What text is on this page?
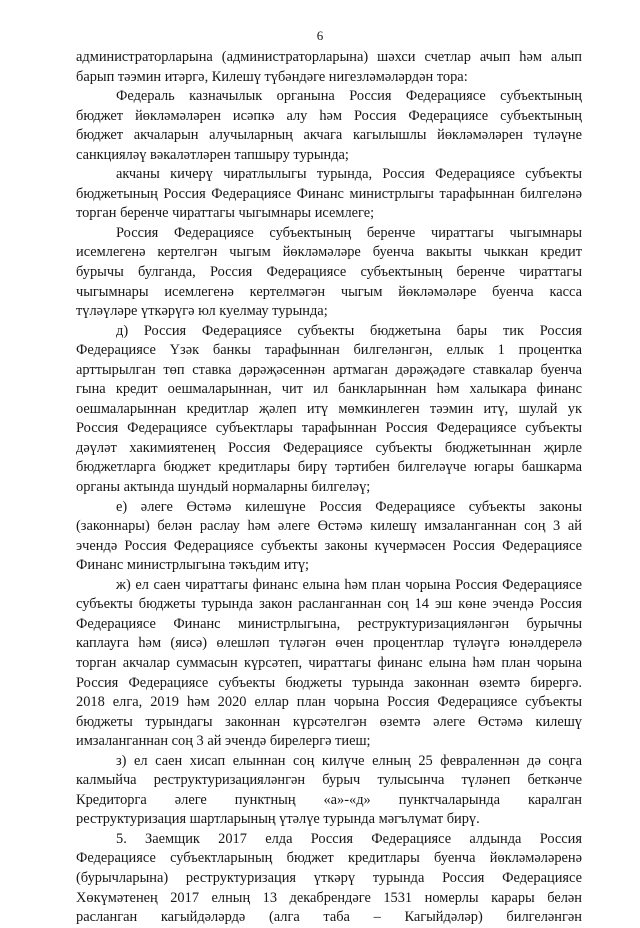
6
администраторларына (администраторларына) шәхси счетлар ачып һәм алып
барып тәэмин итәргә, Килешү түбәндәге нигезләмәләрдән тора:
Федераль казначылык органына Россия Федерациясе субъектының
бюджет йөкләмәләрен исәпкә алу һәм Россия Федерациясе субъектының
бюджет акчаларын алучыларның акчага кагылышлы йөкләмәләрен түләүне
санкцияләү вәкаләтләрен тапшыру турында;
акчаны кичерү чиратлылыгы турында, Россия Федерациясе субъекты
бюджетының Россия Федерациясе Финанс министрлыгы тарафыннан билгеләнә
торган беренче чираттагы чыгымнары исемлеге;
Россия Федерациясе субъектының беренче чираттагы чыгымнары
исемлегенә кертелгән чыгым йөкләмәләре буенча вакыты чыккан кредит
бурычы булганда, Россия Федерациясе субъектының беренче чираттагы
чыгымнары исемлегенә кертелмәгән чыгым йөкләмәләре буенча касса
түләүләре үткәрүгә юл куелмау турында;
д) Россия Федерациясе субъекты бюджетына бары тик Россия
Федерациясе Үзәк банкы тарафыннан билгеләнгән, еллык 1 процентка
арттырылган төп ставка дәрәҗәсеннән артмаган дәрәҗәдәге ставкалар буенча
гына кредит оешмаларыннан, чит ил банкларыннан һәм халыкара финанс
оешмаларыннан кредитлар җәлеп итү мөмкинлеген тәэмин итү, шулай ук
Россия Федерациясе субъектлары тарафыннан Россия Федерациясе субъекты
дәүләт хакимиятенең Россия Федерациясе субъекты бюджетыннан җирле
бюджетларга бюджет кредитлары бирү тәртибен билгеләүче югары башкарма
органы актында шундый нормаларны билгеләү;
е) әлеге Өстәмә килешүне Россия Федерациясе субъекты законы
(законнары) белән раслау һәм әлеге Өстәмә килешү имзаланганнан соң 3 ай
эчендә Россия Федерациясе субъекты законы күчермәсен Россия Федерациясе
Финанс министрлыгына тәкъдим итү;
ж) ел саен чираттагы финанс елына һәм план чорына Россия Федерациясе
субъекты бюджеты турында закон расланганнан соң 14 эш көне эчендә Россия
Федерациясе Финанс министрлыгына, реструктуризацияләнгән бурычны
каплауга һәм (яисә) өлешләп түләгән өчен процентлар түләүгә юнәлдерелә
торган акчалар суммасын күрсәтеп, чираттагы финанс елына һәм план чорына
Россия Федерациясе субъекты бюджеты турында законнан өземтә бирергә.
2018 елга, 2019 һәм 2020 еллар план чорына Россия Федерациясе субъекты
бюджеты турындагы законнан күрсәтелгән өземтә әлеге Өстәмә килешү
имзаланганнан соң 3 ай эчендә бирелергә тиеш;
з) ел саен хисап елыннан соң килүче елның 25 февраленнән дә соңга
калмыйча реструктуризацияләнгән бурыч тулысынча түләнеп беткәнче
Кредиторга әлеге пунктның «а»-«д» пунктчаларында каралган
реструктуризация шартларының үтәлүе турында мәгълүмат бирү.
5. Заемщик 2017 елда Россия Федерациясе алдында Россия
Федерациясе субъектларының бюджет кредитлары буенча йөкләмәләренә
(бурычларына) реструктуризация үткәрү турында Россия Федерациясе
Хөкүмәтенең 2017 елның 13 декабрендәге 1531 номерлы карары белән
расланган кагыйдәләрдә (алга таба – Кагыйдәләр) билгеләнгән
